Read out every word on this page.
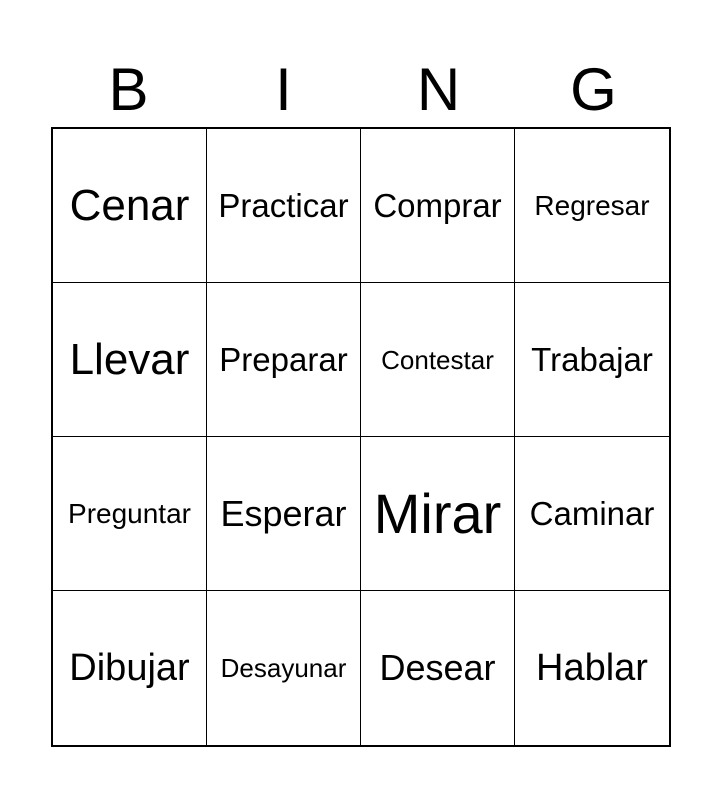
B	I	N	G
Cenar Practicar Comprar Regresar
Llevar Preparar Contestar Trabajar
Preguntar Esperar Mirar Caminar
Dibujar Desayunar Desear Hablar
